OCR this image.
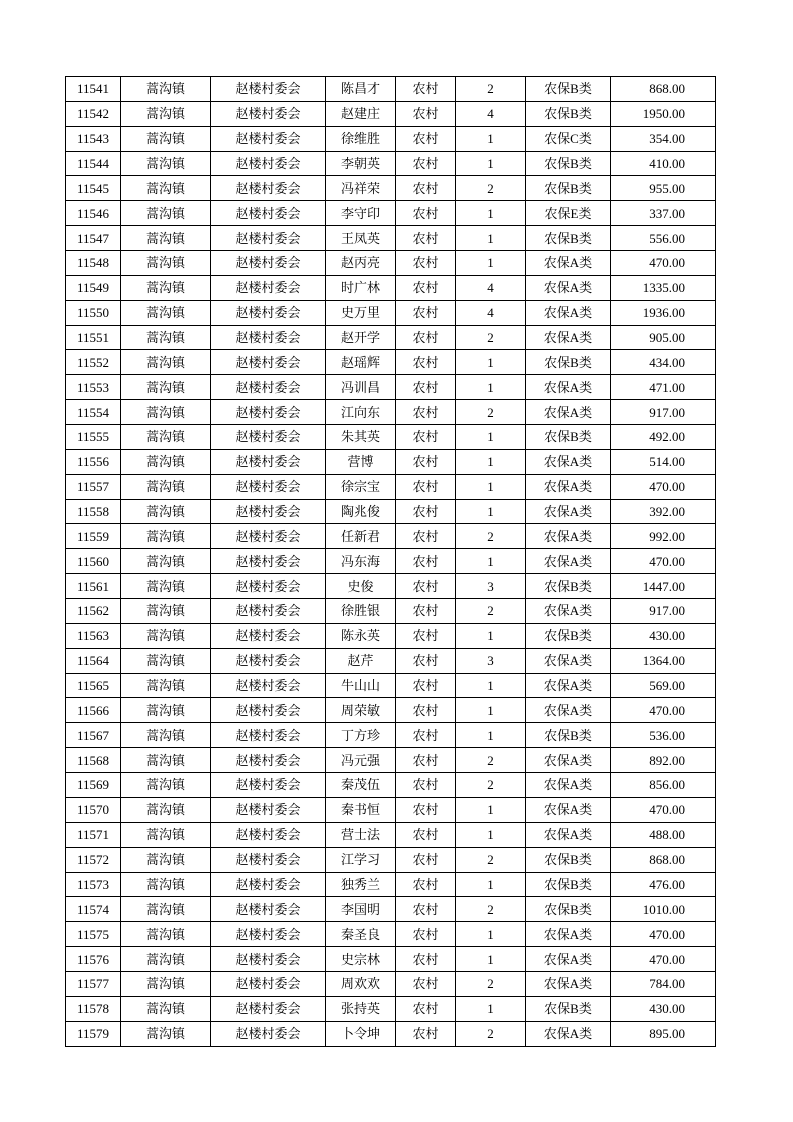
11541	蒿沟镇	赵楼村委会	陈昌才	农村	2	农保B类	868.00
11542	蒿沟镇	赵楼村委会	赵建庄	农村	4	农保B类	1950.00
11543	蒿沟镇	赵楼村委会	徐维胜	农村	1	农保C类	354.00
11544	蒿沟镇	赵楼村委会	李朝英	农村	1	农保B类	410.00
11545	蒿沟镇	赵楼村委会	冯祥荣	农村	2	农保B类	955.00
11546	蒿沟镇	赵楼村委会	李守印	农村	1	农保E类	337.00
11547	蒿沟镇	赵楼村委会	王凤英	农村	1	农保B类	556.00
11548	蒿沟镇	赵楼村委会	赵丙亮	农村	1	农保A类	470.00
11549	蒿沟镇	赵楼村委会	时广林	农村	4	农保A类	1335.00
11550	蒿沟镇	赵楼村委会	史万里	农村	4	农保A类	1936.00
11551	蒿沟镇	赵楼村委会	赵开学	农村	2	农保A类	905.00
11552	蒿沟镇	赵楼村委会	赵瑶辉	农村	1	农保B类	434.00
11553	蒿沟镇	赵楼村委会	冯训昌	农村	1	农保A类	471.00
11554	蒿沟镇	赵楼村委会	江向东	农村	2	农保A类	917.00
11555	蒿沟镇	赵楼村委会	朱其英	农村	1	农保B类	492.00
11556	蒿沟镇	赵楼村委会	营博	农村	1	农保A类	514.00
11557	蒿沟镇	赵楼村委会	徐宗宝	农村	1	农保A类	470.00
11558	蒿沟镇	赵楼村委会	陶兆俊	农村	1	农保A类	392.00
11559	蒿沟镇	赵楼村委会	任新君	农村	2	农保A类	992.00
11560	蒿沟镇	赵楼村委会	冯东海	农村	1	农保A类	470.00
11561	蒿沟镇	赵楼村委会	史俊	农村	3	农保B类	1447.00
11562	蒿沟镇	赵楼村委会	徐胜银	农村	2	农保A类	917.00
11563	蒿沟镇	赵楼村委会	陈永英	农村	1	农保B类	430.00
11564	蒿沟镇	赵楼村委会	赵芹	农村	3	农保A类	1364.00
11565	蒿沟镇	赵楼村委会	牛山山	农村	1	农保A类	569.00
11566	蒿沟镇	赵楼村委会	周荣敏	农村	1	农保A类	470.00
11567	蒿沟镇	赵楼村委会	丁方珍	农村	1	农保B类	536.00
11568	蒿沟镇	赵楼村委会	冯元强	农村	2	农保A类	892.00
11569	蒿沟镇	赵楼村委会	秦茂伍	农村	2	农保A类	856.00
11570	蒿沟镇	赵楼村委会	秦书恒	农村	1	农保A类	470.00
11571	蒿沟镇	赵楼村委会	营士法	农村	1	农保A类	488.00
11572	蒿沟镇	赵楼村委会	江学习	农村	2	农保B类	868.00
11573	蒿沟镇	赵楼村委会	独秀兰	农村	1	农保B类	476.00
11574	蒿沟镇	赵楼村委会	李国明	农村	2	农保B类	1010.00
11575	蒿沟镇	赵楼村委会	秦圣良	农村	1	农保A类	470.00
11576	蒿沟镇	赵楼村委会	史宗林	农村	1	农保A类	470.00
11577	蒿沟镇	赵楼村委会	周欢欢	农村	2	农保A类	784.00
11578	蒿沟镇	赵楼村委会	张持英	农村	1	农保B类	430.00
11579	蒿沟镇	赵楼村委会	卜令坤	农村	2	农保A类	895.00
